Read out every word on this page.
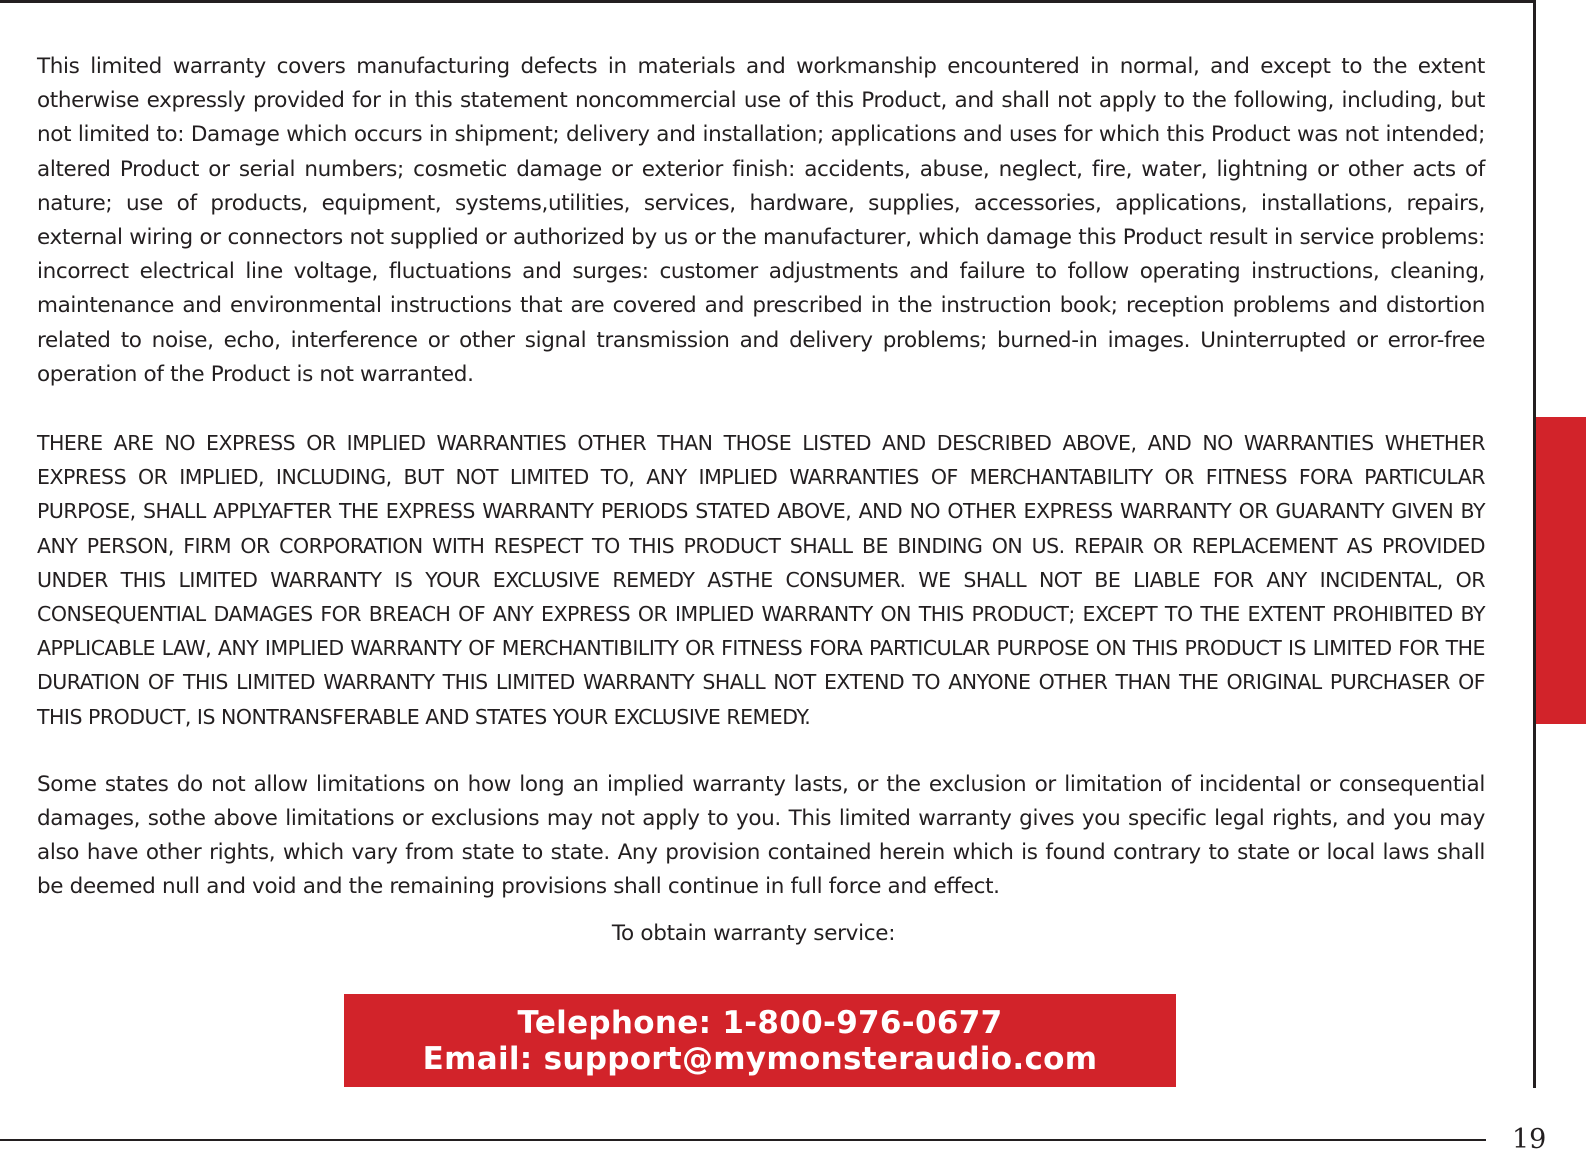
This limited warranty covers manufacturing defects in materials and workmanship encountered in normal, and except to the extent otherwise expressly provided for in this statement noncommercial use of this Product, and shall not apply to the following, including, but not limited to: Damage which occurs in shipment; delivery and installation; applications and uses for which this Product was not intended; altered Product or serial numbers; cosmetic damage or exterior finish: accidents, abuse, neglect, fire, water, lightning or other acts of nature; use of products, equipment, systems,utilities, services, hardware, supplies, accessories, applications, installations, repairs, external wiring or connectors not supplied or authorized by us or the manufacturer, which damage this Product result in service problems: incorrect electrical line voltage, fluctuations and surges: customer adjustments and failure to follow operating instructions, cleaning, maintenance and environmental instructions that are covered and prescribed in the instruction book; reception problems and distortion related to noise, echo, interference or other signal transmission and delivery problems; burned-in images. Uninterrupted or error-free operation of the Product is not warranted.

THERE ARE NO EXPRESS OR IMPLIED WARRANTIES OTHER THAN THOSE LISTED AND DESCRIBED ABOVE, AND NO WARRANTIES WHETHER EXPRESS OR IMPLIED, INCLUDING, BUT NOT LIMITED TO, ANY IMPLIED WARRANTIES OF MERCHANTABILITY OR FITNESS FORA PARTICULAR PURPOSE, SHALL APPLYAFTER THE EXPRESS WARRANTY PERIODS STATED ABOVE, AND NO OTHER EXPRESS WARRANTY OR GUARANTY GIVEN BY ANY PERSON, FIRM OR CORPORATION WITH RESPECT TO THIS PRODUCT SHALL BE BINDING ON US. REPAIR OR REPLACEMENT AS PROVIDED UNDER THIS LIMITED WARRANTY IS YOUR EXCLUSIVE REMEDY ASTHE CONSUMER. WE SHALL NOT BE LIABLE FOR ANY INCIDENTAL, OR CONSEQUENTIAL DAMAGES FOR BREACH OF ANY EXPRESS OR IMPLIED WARRANTY ON THIS PRODUCT; EXCEPT TO THE EXTENT PROHIBITED BY APPLICABLE LAW, ANY IMPLIED WARRANTY OF MERCHANTIBILITY OR FITNESS FORA PARTICULAR PURPOSE ON THIS PRODUCT IS LIMITED FOR THE DURATION OF THIS LIMITED WARRANTY THIS LIMITED WARRANTY SHALL NOT EXTEND TO ANYONE OTHER THAN THE ORIGINAL PURCHASER OF THIS PRODUCT, IS NONTRANSFERABLE AND STATES YOUR EXCLUSIVE REMEDY.

Some states do not allow limitations on how long an implied warranty lasts, or the exclusion or limitation of incidental or consequential damages, sothe above limitations or exclusions may not apply to you. This limited warranty gives you specific legal rights, and you may also have other rights, which vary from state to state. Any provision contained herein which is found contrary to state or local laws shall be deemed null and void and the remaining provisions shall continue in full force and effect.

To obtain warranty service:
Telephone: 1-800-976-0677
Email: support@mymonsteraudio.com
19
